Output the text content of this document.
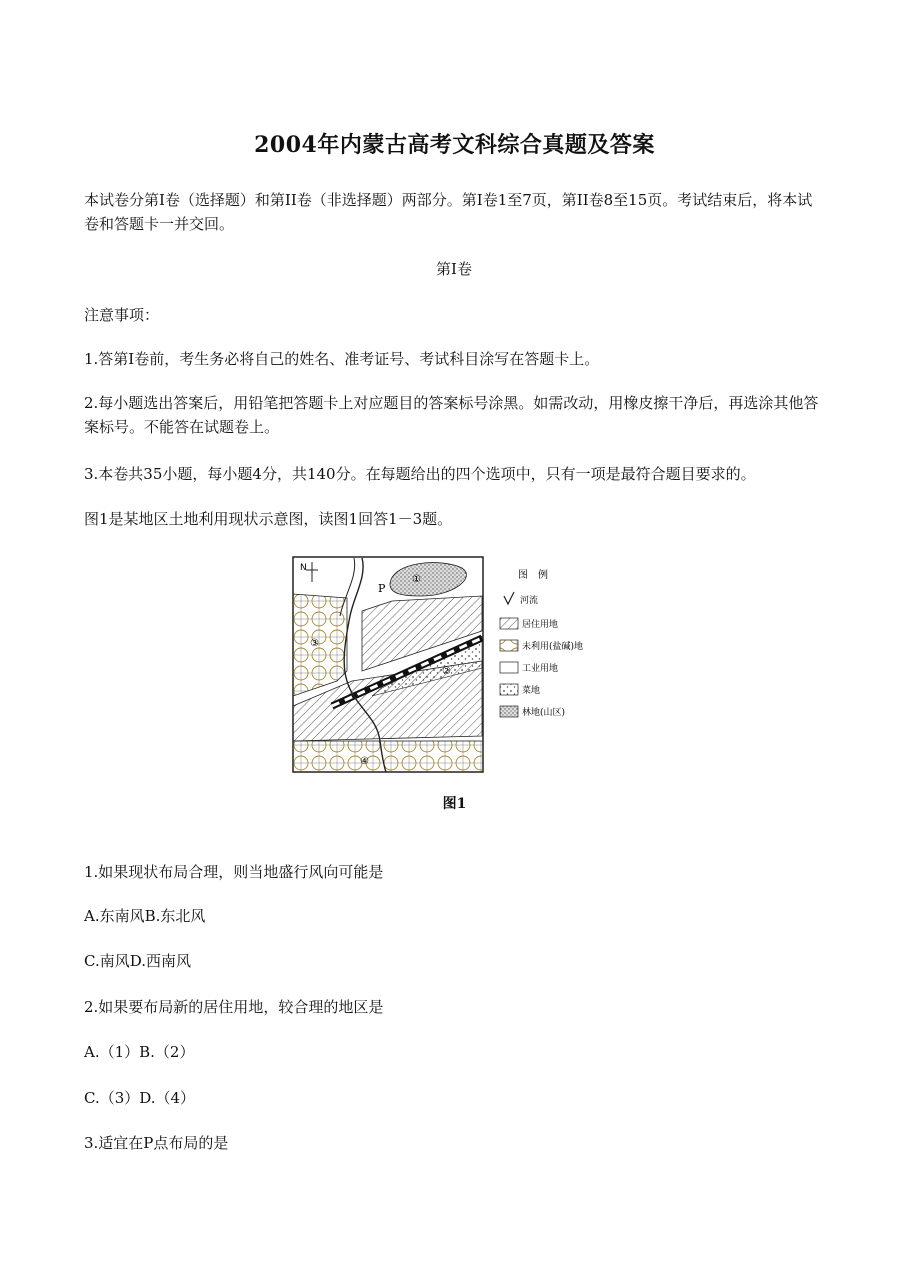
2004年内蒙古高考文科综合真题及答案
本试卷分第Ⅰ卷（选择题）和第II卷（非选择题）两部分。第Ⅰ卷1至7页，第II卷8至15页。考试结束后，将本试卷和答题卡一并交回。
第Ⅰ卷
注意事项：
1.答第Ⅰ卷前，考生务必将自己的姓名、准考证号、考试科目涂写在答题卡上。
2.每小题选出答案后，用铅笔把答题卡上对应题目的答案标号涂黑。如需改动，用橡皮擦干净后，再选涂其他答案标号。不能答在试题卷上。
3.本卷共35小题，每小题4分，共140分。在每题给出的四个选项中，只有一项是最符合题目要求的。
图1是某地区土地利用现状示意图，读图1回答1－3题。
N
P
①
②
③
④
图　例
河流
居住用地
未利用(盐碱)地
工业用地
菜地
林地(山区)
图1
1.如果现状布局合理，则当地盛行风向可能是
A.东南风B.东北风
C.南风D.西南风
2.如果要布局新的居住用地，较合理的地区是
A.（1）B.（2）
C.（3）D.（4）
3.适宜在P点布局的是
